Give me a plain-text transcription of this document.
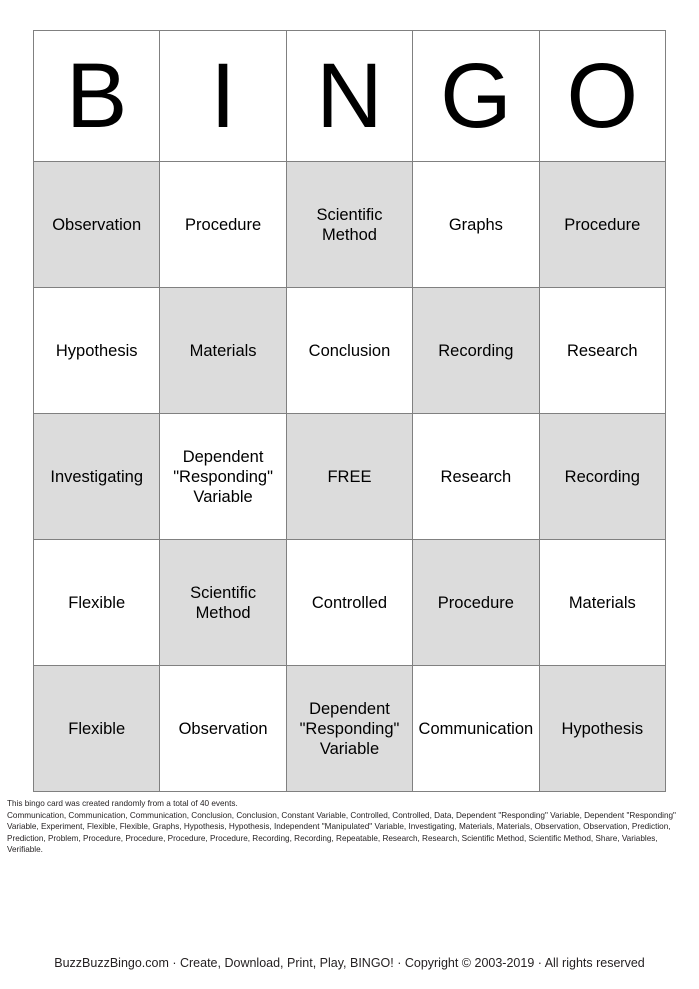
B	I	N	G	O

Observation	Procedure	Scientific Method	Graphs	Procedure

Hypothesis	Materials	Conclusion	Recording	Research

Investigating	Dependent "Responding" Variable	FREE	Research	Recording

Flexible	Scientific Method	Controlled	Procedure	Materials

Flexible	Observation	Dependent "Responding" Variable	Communication	Hypothesis
This bingo card was created randomly from a total of 40 events.
Communication, Communication, Communication, Conclusion, Conclusion, Constant Variable, Controlled, Controlled, Data, Dependent "Responding" Variable, Dependent "Responding" Variable, Experiment, Flexible, Flexible, Graphs, Hypothesis, Hypothesis, Independent "Manipulated" Variable, Investigating, Materials, Materials, Observation, Observation, Prediction, Prediction, Problem, Procedure, Procedure, Procedure, Procedure, Recording, Recording, Repeatable, Research, Research, Scientific Method, Scientific Method, Share, Variables, Verifiable.
BuzzBuzzBingo.com · Create, Download, Print, Play, BINGO! · Copyright © 2003-2019 · All rights reserved
